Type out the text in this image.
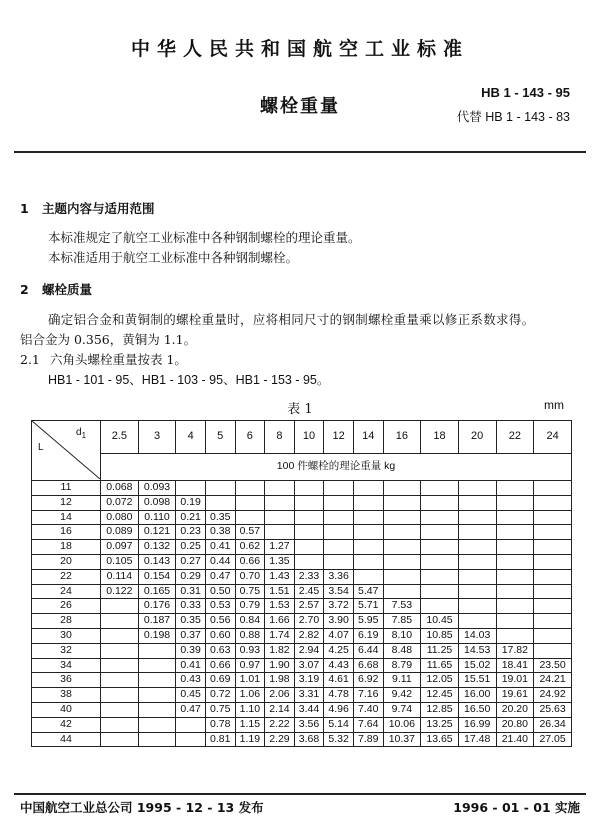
中华人民共和国航空工业标准
螺栓重量
HB 1 - 143 - 95
代替 HB 1 - 143 - 83
1 主题内容与适用范围
本标准规定了航空工业标准中各种钢制螺栓的理论重量。
本标准适用于航空工业标准中各种钢制螺栓。
2 螺栓质量
确定铝合金和黄铜制的螺栓重量时，应将相同尺寸的钢制螺栓重量乘以修正系数求得。
铝合金为 0.356，黄铜为 1.1。
2.1 六角头螺栓重量按表 1。
HB1 - 101 - 95、HB1 - 103 - 95、HB1 - 153 - 95。
表 1	mm
L
$d_1$	2.5	3	4	5	6	8	10	12	14	16	18	20	22	24
	100 件螺栓的理论重量 kg													
11	0.068	0.093												
12	0.072	0.098	0.19											
14	0.080	0.110	0.21	0.35										
16	0.089	0.121	0.23	0.38	0.57									
18	0.097	0.132	0.25	0.41	0.62	1.27								
20	0.105	0.143	0.27	0.44	0.66	1.35								
22	0.114	0.154	0.29	0.47	0.70	1.43	2.33	3.36						
24	0.122	0.165	0.31	0.50	0.75	1.51	2.45	3.54	5.47					
26		0.176	0.33	0.53	0.79	1.53	2.57	3.72	5.71	7.53				
28		0.187	0.35	0.56	0.84	1.66	2.70	3.90	5.95	7.85	10.45			
30		0.198	0.37	0.60	0.88	1.74	2.82	4.07	6.19	8.10	10.85	14.03		
32			0.39	0.63	0.93	1.82	2.94	4.25	6.44	8.48	11.25	14.53	17.82	
34			0.41	0.66	0.97	1.90	3.07	4.43	6.68	8.79	11.65	15.02	18.41	23.50
36			0.43	0.69	1.01	1.98	3.19	4.61	6.92	9.11	12.05	15.51	19.01	24.21
38			0.45	0.72	1.06	2.06	3.31	4.78	7.16	9.42	12.45	16.00	19.61	24.92
40			0.47	0.75	1.10	2.14	3.44	4.96	7.40	9.74	12.85	16.50	20.20	25.63
42				0.78	1.15	2.22	3.56	5.14	7.64	10.06	13.25	16.99	20.80	26.34
44				0.81	1.19	2.29	3.68	5.32	7.89	10.37	13.65	17.48	21.40	27.05
中国航空工业总公司 1995 - 12 - 13 发布	1996 - 01 - 01 实施
